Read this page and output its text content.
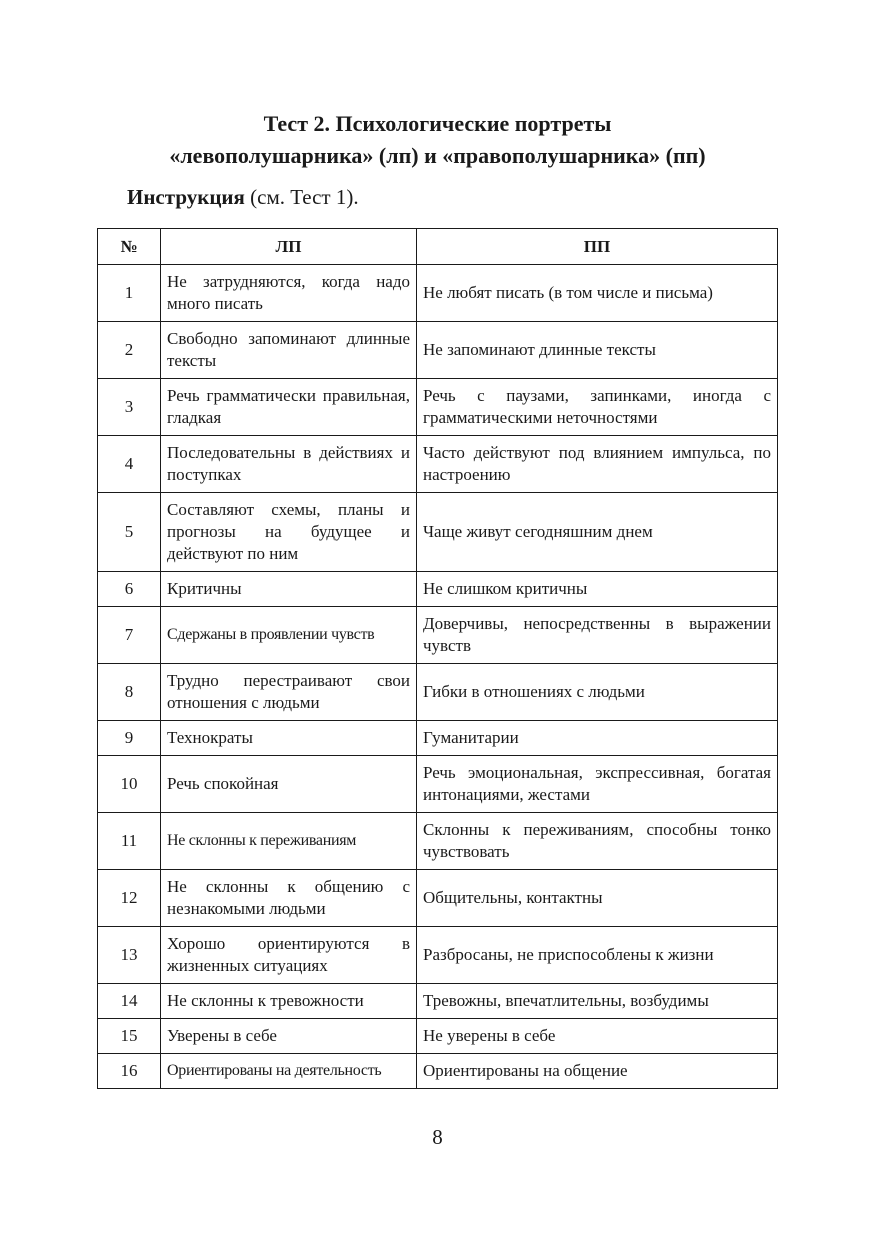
Тест 2. Психологические портреты
«левополушарника» (лп) и «правополушарника» (пп)
Инструкция (см. Тест 1).
№	ЛП	ПП
1	Не затрудняются, когда надо много писать	Не любят писать (в том числе и письма)
2	Свободно запоминают длинные тексты	Не запоминают длинные тексты
3	Речь грамматически правильная, гладкая	Речь с паузами, запинками, иногда с грамматическими неточностями
4	Последовательны в действиях и поступках	Часто действуют под влиянием импульса, по настроению
5	Составляют схемы, планы и прогнозы на будущее и действуют по ним	Чаще живут сегодняшним днем
6	Критичны	Не слишком критичны
7	Сдержаны в проявлении чувств	Доверчивы, непосредственны в выражении чувств
8	Трудно перестраивают свои отношения с людьми	Гибки в отношениях с людьми
9	Технократы	Гуманитарии
10	Речь спокойная	Речь эмоциональная, экспрессивная, богатая интонациями, жестами
11	Не склонны к переживаниям	Склонны к переживаниям, способны тонко чувствовать
12	Не склонны к общению с незнакомыми людьми	Общительны, контактны
13	Хорошо ориентируются в жизненных ситуациях	Разбросаны, не приспособлены к жизни
14	Не склонны к тревожности	Тревожны, впечатлительны, возбудимы
15	Уверены в себе	Не уверены в себе
16	Ориентированы на деятельность	Ориентированы на общение
8
